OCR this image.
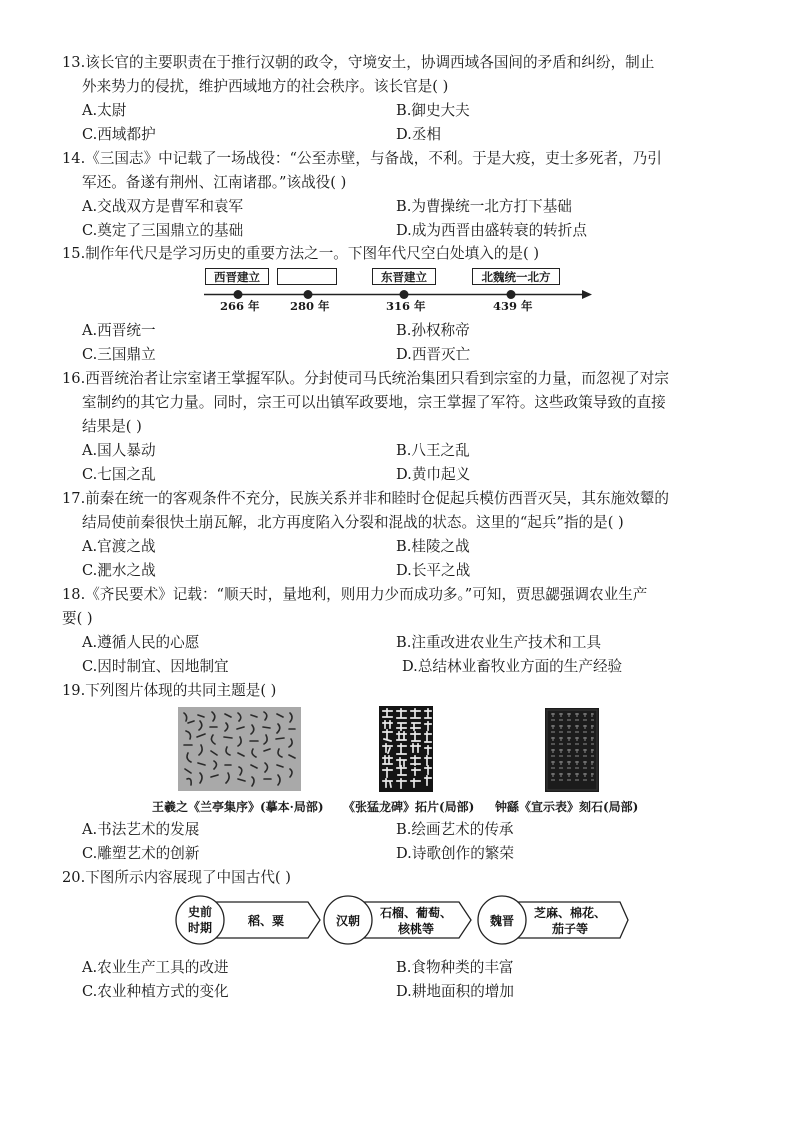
13.该长官的主要职责在于推行汉朝的政令，守境安土，协调西域各国间的矛盾和纠纷，制止
外来势力的侵扰，维护西域地方的社会秩序。该长官是( )
A.太尉	B.御史大夫
C.西域都护	D.丞相
14.《三国志》中记载了一场战役：“公至赤壁，与备战，不利。于是大疫，吏士多死者，乃引
军还。备遂有荆州、江南诸郡。”该战役( )
A.交战双方是曹军和袁军	B.为曹操统一北方打下基础
C.奠定了三国鼎立的基础	D.成为西晋由盛转衰的转折点
15.制作年代尺是学习历史的重要方法之一。下图年代尺空白处填入的是( )
西晋建立	东晋建立	北魏统一北方
266 年	280 年	316 年	439 年
A.西晋统一	B.孙权称帝
C.三国鼎立	D.西晋灭亡
16.西晋统治者让宗室诸王掌握军队。分封使司马氏统治集团只看到宗室的力量，而忽视了对宗
室制约的其它力量。同时，宗王可以出镇军政要地，宗王掌握了军符。这些政策导致的直接
结果是( )
A.国人暴动	B.八王之乱
C.七国之乱	D.黄巾起义
17.前秦在统一的客观条件不充分，民族关系并非和睦时仓促起兵模仿西晋灭吴，其东施效颦的
结局使前秦很快土崩瓦解，北方再度陷入分裂和混战的状态。这里的“起兵”指的是( )
A.官渡之战	B.桂陵之战
C.淝水之战	D.长平之战
18.《齐民要术》记载：“顺天时，量地利，则用力少而成功多。”可知，贾思勰强调农业生产
要( )
A.遵循人民的心愿	B.注重改进农业生产技术和工具
C.因时制宜、因地制宜	D.总结林业畜牧业方面的生产经验
19.下列图片体现的共同主题是( )
王羲之《兰亭集序》(摹本·局部) 《张猛龙碑》拓片(局部) 钟繇《宣示表》刻石(局部)
A.书法艺术的发展	B.绘画艺术的传承
C.雕塑艺术的创新	D.诗歌创作的繁荣
20.下图所示内容展现了中国古代( )
史前
时期	稻、粟	汉朝
石榴、葡萄、
核桃等
魏晋
芝麻、棉花、
茄子等
A.农业生产工具的改进	B.食物种类的丰富
C.农业种植方式的变化	D.耕地面积的增加
